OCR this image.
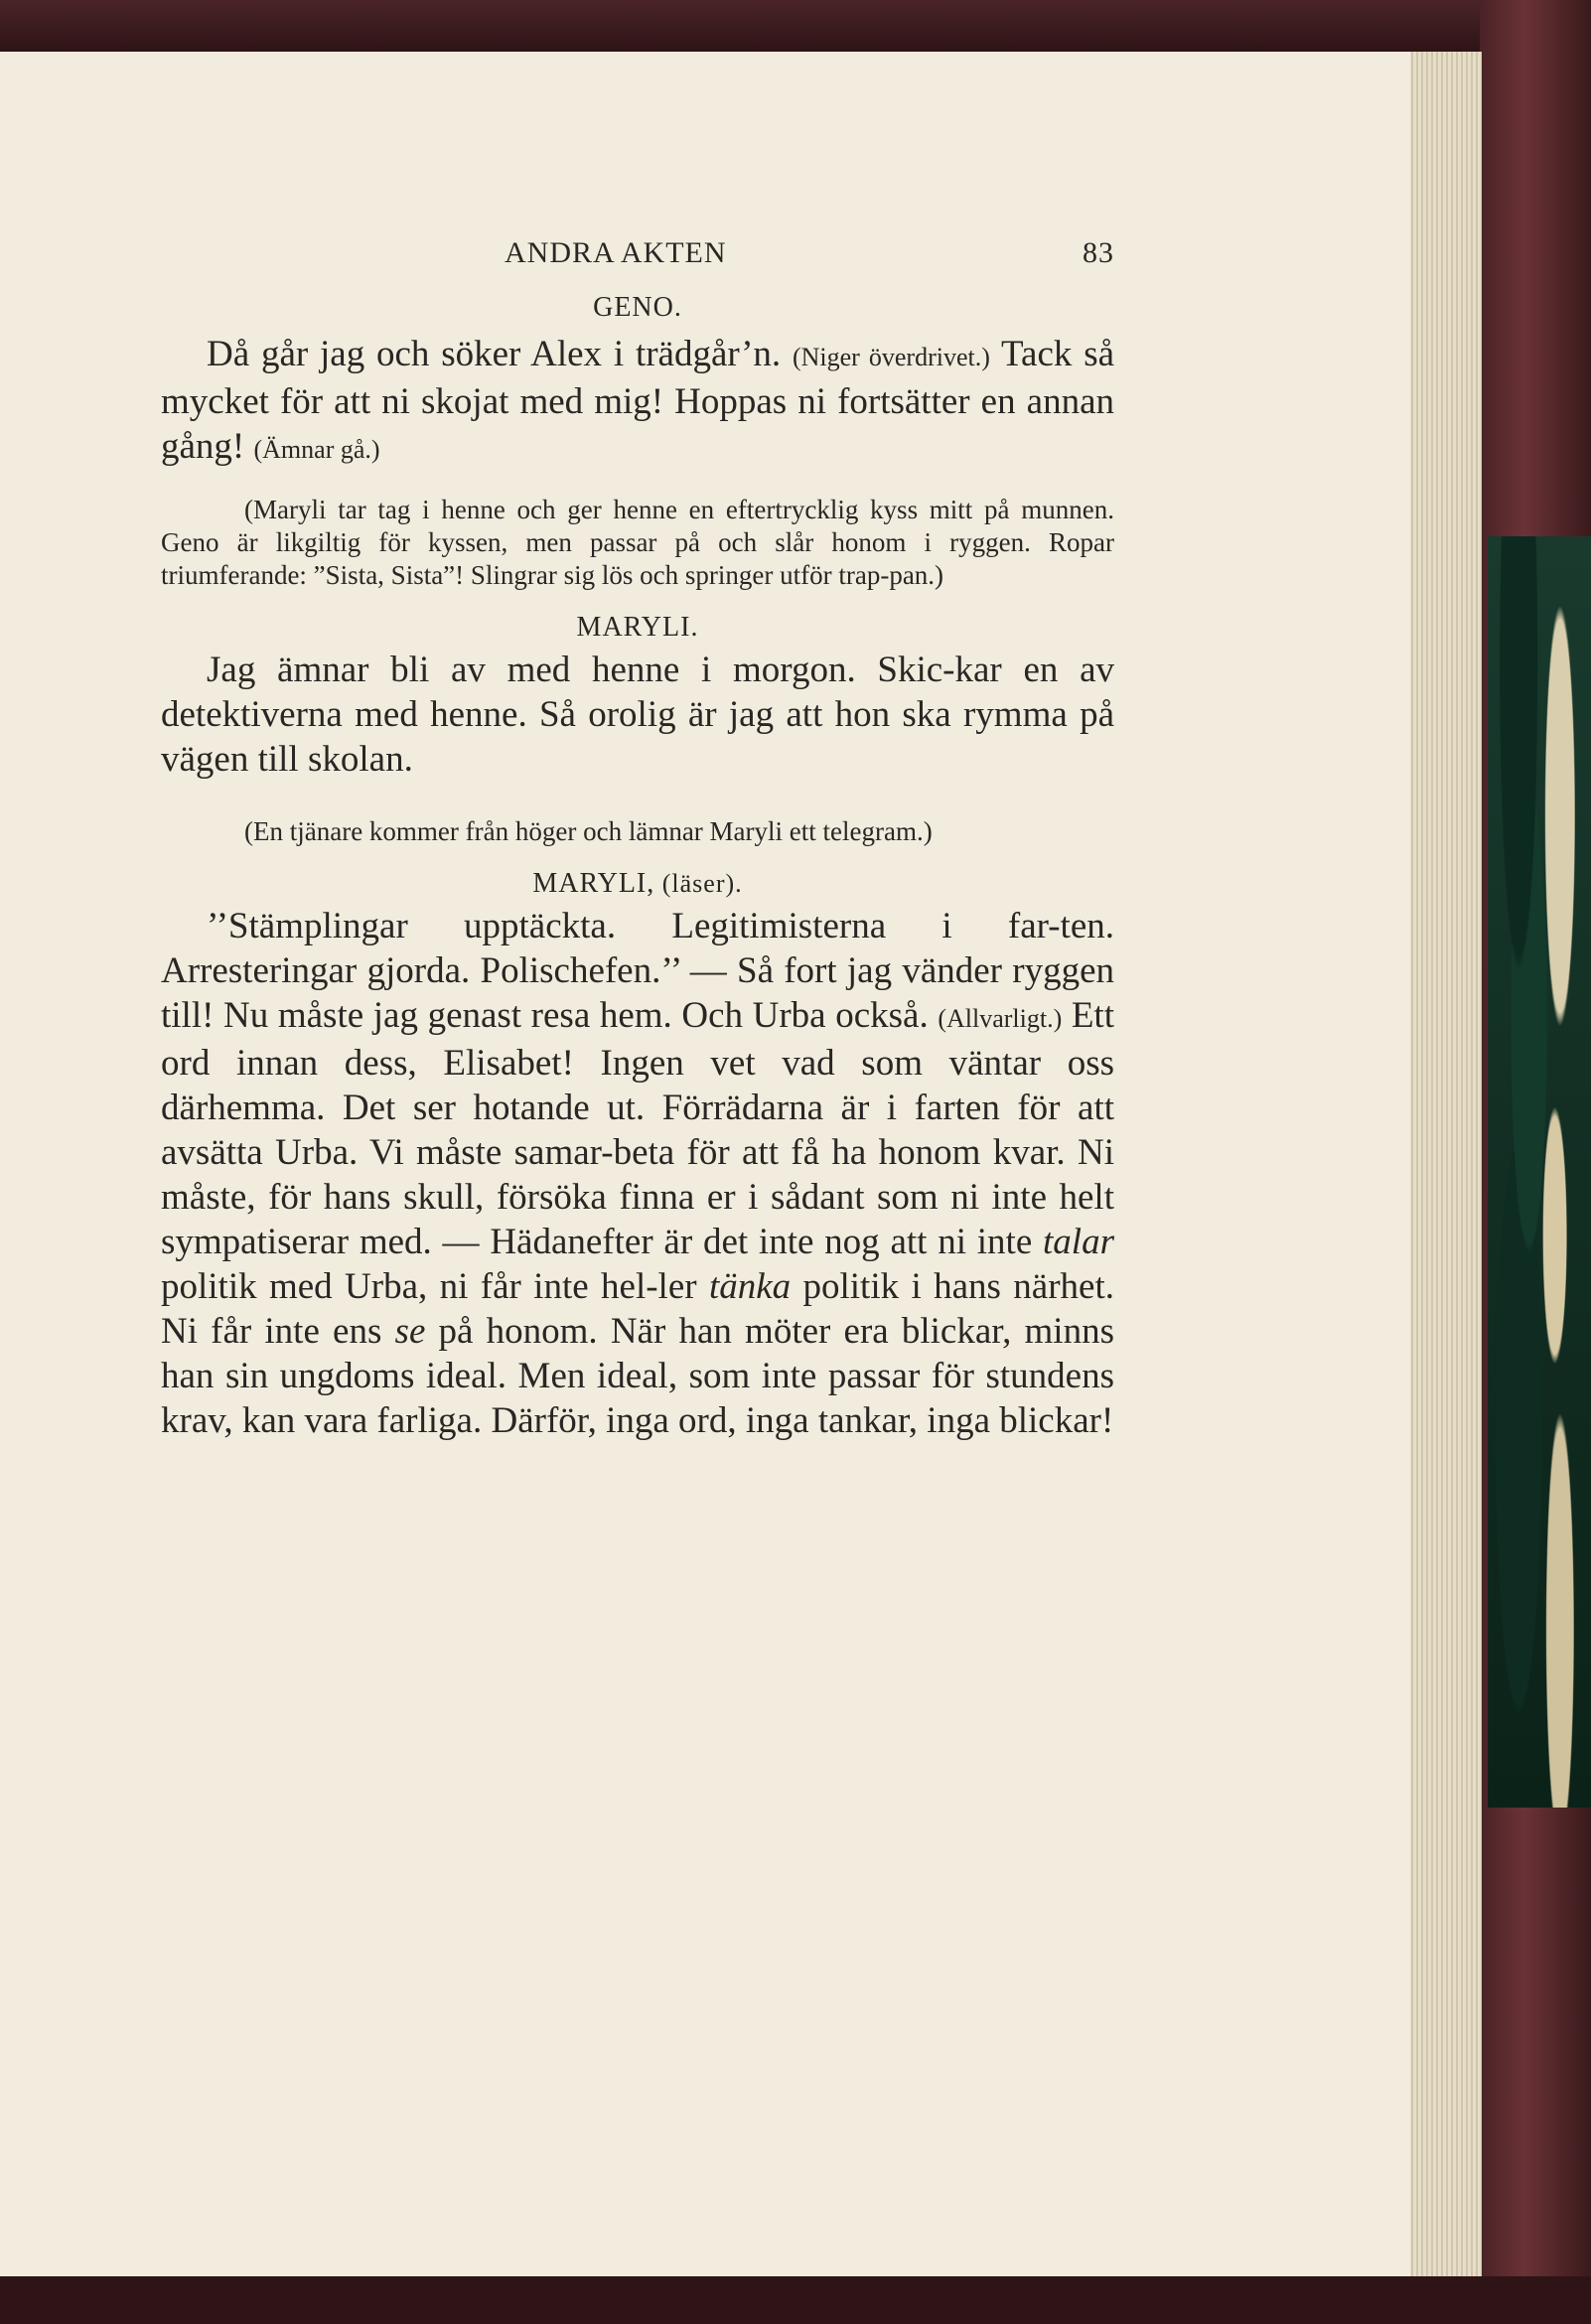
ANDRA AKTEN	83
GENO.

Då går jag och söker Alex i trädgår’n. (Niger överdrivet.) Tack så mycket för att ni skojat med mig! Hoppas ni fortsätter en annan gång! (Ämnar gå.)

(Maryli tar tag i henne och ger henne en eftertrycklig kyss mitt på munnen. Geno är likgiltig för kyssen, men passar på och slår honom i ryggen. Ropar triumferande: ”Sista, Sista”! Slingrar sig lös och springer utför trap-pan.)

MARYLI.

Jag ämnar bli av med henne i morgon. Skic-kar en av detektiverna med henne. Så orolig är jag att hon ska rymma på vägen till skolan.

(En tjänare kommer från höger och lämnar Maryli ett telegram.)

MARYLI, (läser).

’’Stämplingar upptäckta. Legitimisterna i far-ten. Arresteringar gjorda. Polischefen.’’ — Så fort jag vänder ryggen till! Nu måste jag genast resa hem. Och Urba också. (Allvarligt.) Ett ord innan dess, Elisabet! Ingen vet vad som väntar oss därhemma. Det ser hotande ut. Förrädarna är i farten för att avsätta Urba. Vi måste samar-beta för att få ha honom kvar. Ni måste, för hans skull, försöka finna er i sådant som ni inte helt sympatiserar med. — Hädanefter är det inte nog att ni inte talar politik med Urba, ni får inte hel-ler tänka politik i hans närhet. Ni får inte ens se på honom. När han möter era blickar, minns han sin ungdoms ideal. Men ideal, som inte passar för stundens krav, kan vara farliga. Därför, inga ord, inga tankar, inga blickar!
